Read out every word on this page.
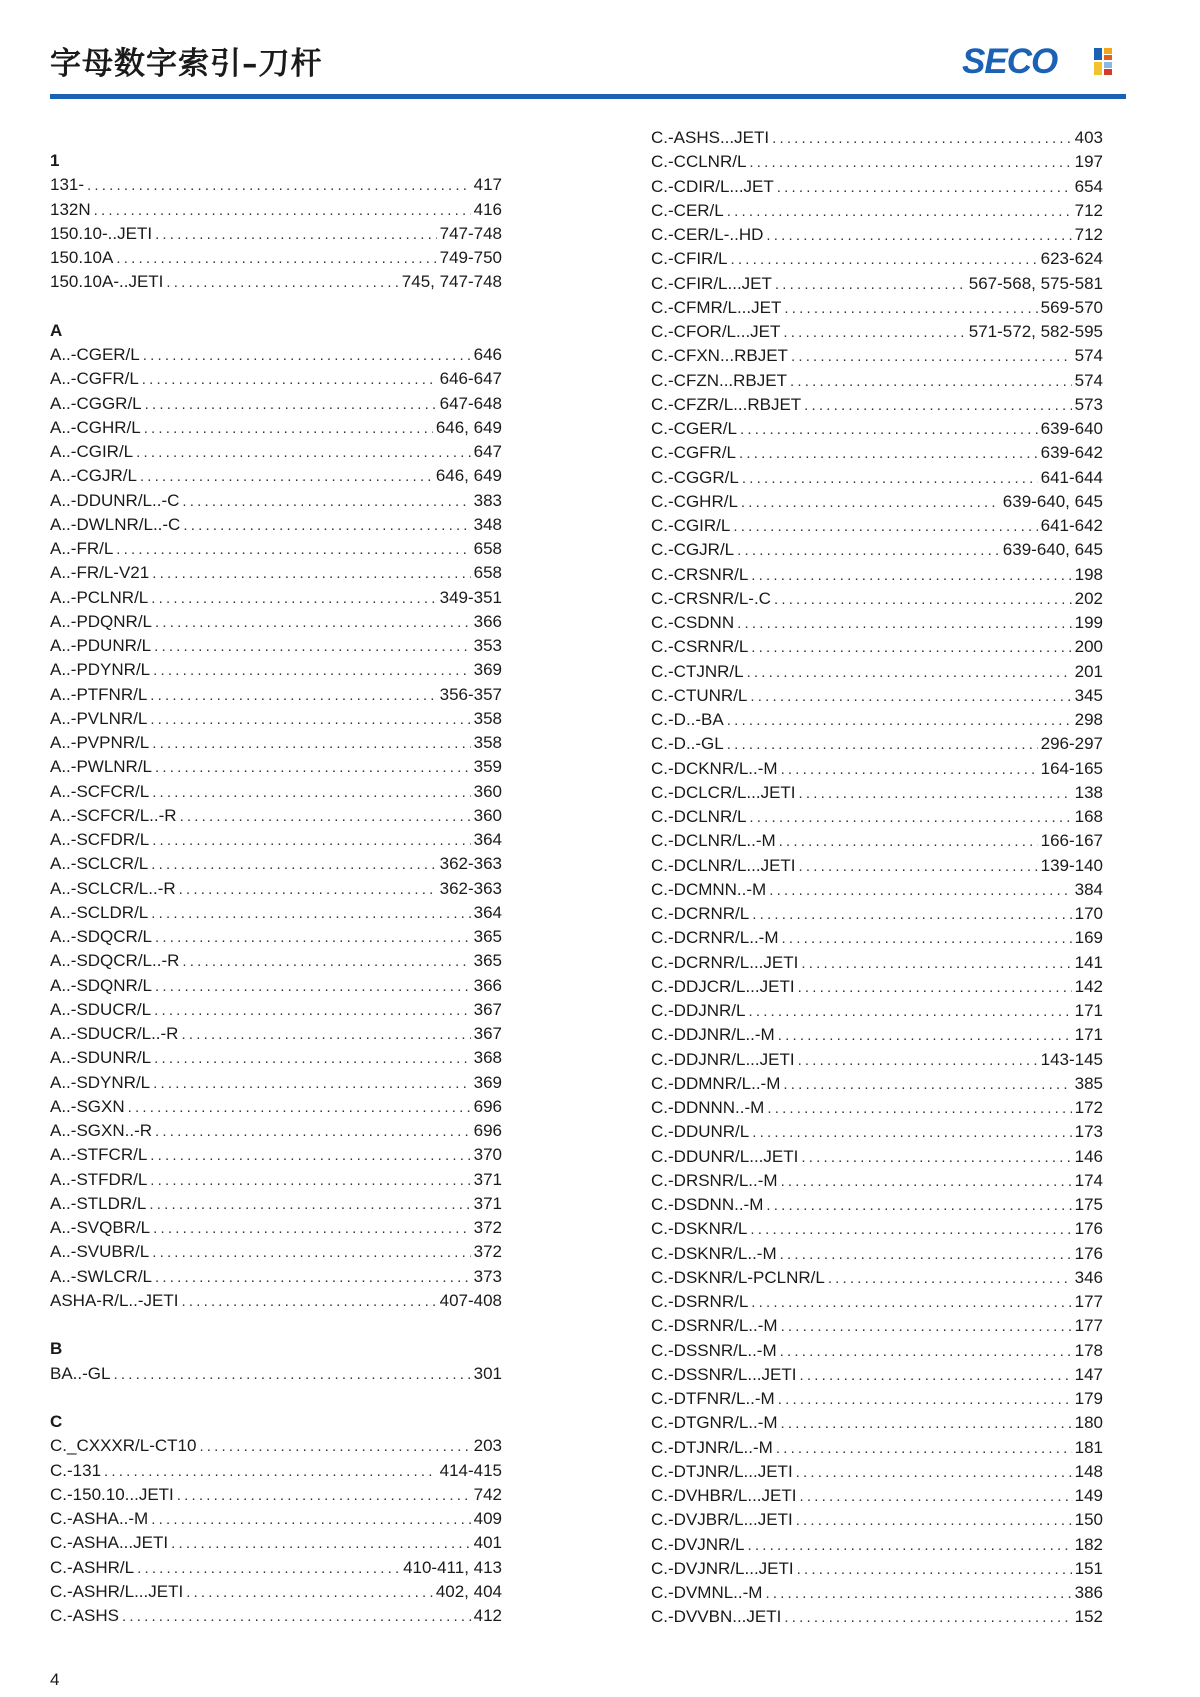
字母数字索引–刀杆	SECO
1
131- .....	417
132N .....	416
150.10-..JETI .....	747-748
150.10A .....	749-750
150.10A-..JETI .....	745, 747-748
A
A..-CGER/L .....	646
A..-CGFR/L .....	646-647
A..-CGGR/L .....	647-648
A..-CGHR/L .....	646, 649
A..-CGIR/L .....	647
A..-CGJR/L .....	646, 649
A..-DDUNR/L..-C .....	383
A..-DWLNR/L..-C .....	348
A..-FR/L .....	658
A..-FR/L-V21 .....	658
A..-PCLNR/L .....	349-351
A..-PDQNR/L .....	366
A..-PDUNR/L .....	353
A..-PDYNR/L .....	369
A..-PTFNR/L .....	356-357
A..-PVLNR/L .....	358
A..-PVPNR/L .....	358
A..-PWLNR/L .....	359
A..-SCFCR/L .....	360
A..-SCFCR/L..-R .....	360
A..-SCFDR/L .....	364
A..-SCLCR/L .....	362-363
A..-SCLCR/L..-R .....	362-363
A..-SCLDR/L .....	364
A..-SDQCR/L .....	365
A..-SDQCR/L..-R .....	365
A..-SDQNR/L .....	366
A..-SDUCR/L .....	367
A..-SDUCR/L..-R .....	367
A..-SDUNR/L .....	368
A..-SDYNR/L .....	369
A..-SGXN .....	696
A..-SGXN..-R .....	696
A..-STFCR/L .....	370
A..-STFDR/L .....	371
A..-STLDR/L .....	371
A..-SVQBR/L .....	372
A..-SVUBR/L .....	372
A..-SWLCR/L .....	373
ASHA-R/L..-JETI .....	407-408
B
BA..-GL .....	301
C
C._CXXXR/L-CT10 .....	203
C.-131 .....	414-415
C.-150.10...JETI .....	742
C.-ASHA..-M .....	409
C.-ASHA...JETI .....	401
C.-ASHR/L .....	410-411, 413
C.-ASHR/L...JETI .....	402, 404
C.-ASHS .....	412
C.-ASHS...JETI .....	403
C.-CCLNR/L .....	197
C.-CDIR/L...JET .....	654
C.-CER/L .....	712
C.-CER/L-..HD .....	712
C.-CFIR/L .....	623-624
C.-CFIR/L...JET .....	567-568, 575-581
C.-CFMR/L...JET .....	569-570
C.-CFOR/L...JET .....	571-572, 582-595
C.-CFXN...RBJET .....	574
C.-CFZN...RBJET .....	574
C.-CFZR/L...RBJET .....	573
C.-CGER/L .....	639-640
C.-CGFR/L .....	639-642
C.-CGGR/L .....	641-644
C.-CGHR/L .....	639-640, 645
C.-CGIR/L .....	641-642
C.-CGJR/L .....	639-640, 645
C.-CRSNR/L .....	198
C.-CRSNR/L-.C .....	202
C.-CSDNN .....	199
C.-CSRNR/L .....	200
C.-CTJNR/L .....	201
C.-CTUNR/L .....	345
C.-D..-BA .....	298
C.-D..-GL .....	296-297
C.-DCKNR/L..-M .....	164-165
C.-DCLCR/L...JETI .....	138
C.-DCLNR/L .....	168
C.-DCLNR/L..-M .....	166-167
C.-DCLNR/L...JETI .....	139-140
C.-DCMNN..-M .....	384
C.-DCRNR/L .....	170
C.-DCRNR/L..-M .....	169
C.-DCRNR/L...JETI .....	141
C.-DDJCR/L...JETI .....	142
C.-DDJNR/L .....	171
C.-DDJNR/L..-M .....	171
C.-DDJNR/L...JETI .....	143-145
C.-DDMNR/L..-M .....	385
C.-DDNNN..-M .....	172
C.-DDUNR/L .....	173
C.-DDUNR/L...JETI .....	146
C.-DRSNR/L..-M .....	174
C.-DSDNN..-M .....	175
C.-DSKNR/L .....	176
C.-DSKNR/L..-M .....	176
C.-DSKNR/L-PCLNR/L .....	346
C.-DSRNR/L .....	177
C.-DSRNR/L..-M .....	177
C.-DSSNR/L..-M .....	178
C.-DSSNR/L...JETI .....	147
C.-DTFNR/L..-M .....	179
C.-DTGNR/L..-M .....	180
C.-DTJNR/L..-M .....	181
C.-DTJNR/L...JETI .....	148
C.-DVHBR/L...JETI .....	149
C.-DVJBR/L...JETI .....	150
C.-DVJNR/L .....	182
C.-DVJNR/L...JETI .....	151
C.-DVMNL..-M .....	386
C.-DVVBN...JETI .....	152
4
